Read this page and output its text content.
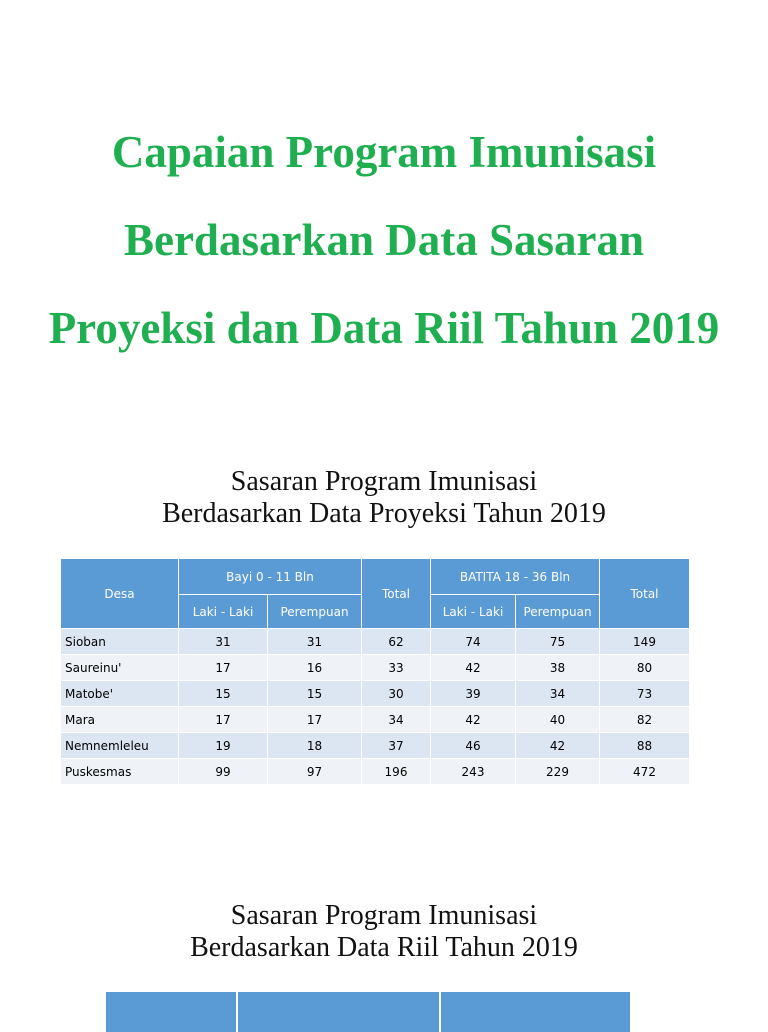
Capaian Program Imunisasi
Berdasarkan Data Sasaran
Proyeksi dan Data Riil Tahun 2019
Sasaran Program Imunisasi
Berdasarkan Data Proyeksi Tahun 2019
Desa	Bayi 0 - 11 Bln		Total	BATITA 18 - 36 Bln		Total
	Laki - Laki	Perempuan		Laki - Laki	Perempuan	
Sioban	31	31	62	74	75	149
Saureinu'	17	16	33	42	38	80
Matobe'	15	15	30	39	34	73
Mara	17	17	34	42	40	82
Nemnemleleu	19	18	37	46	42	88
Puskesmas	99	97	196	243	229	472
Sasaran Program Imunisasi
Berdasarkan Data Riil Tahun 2019
